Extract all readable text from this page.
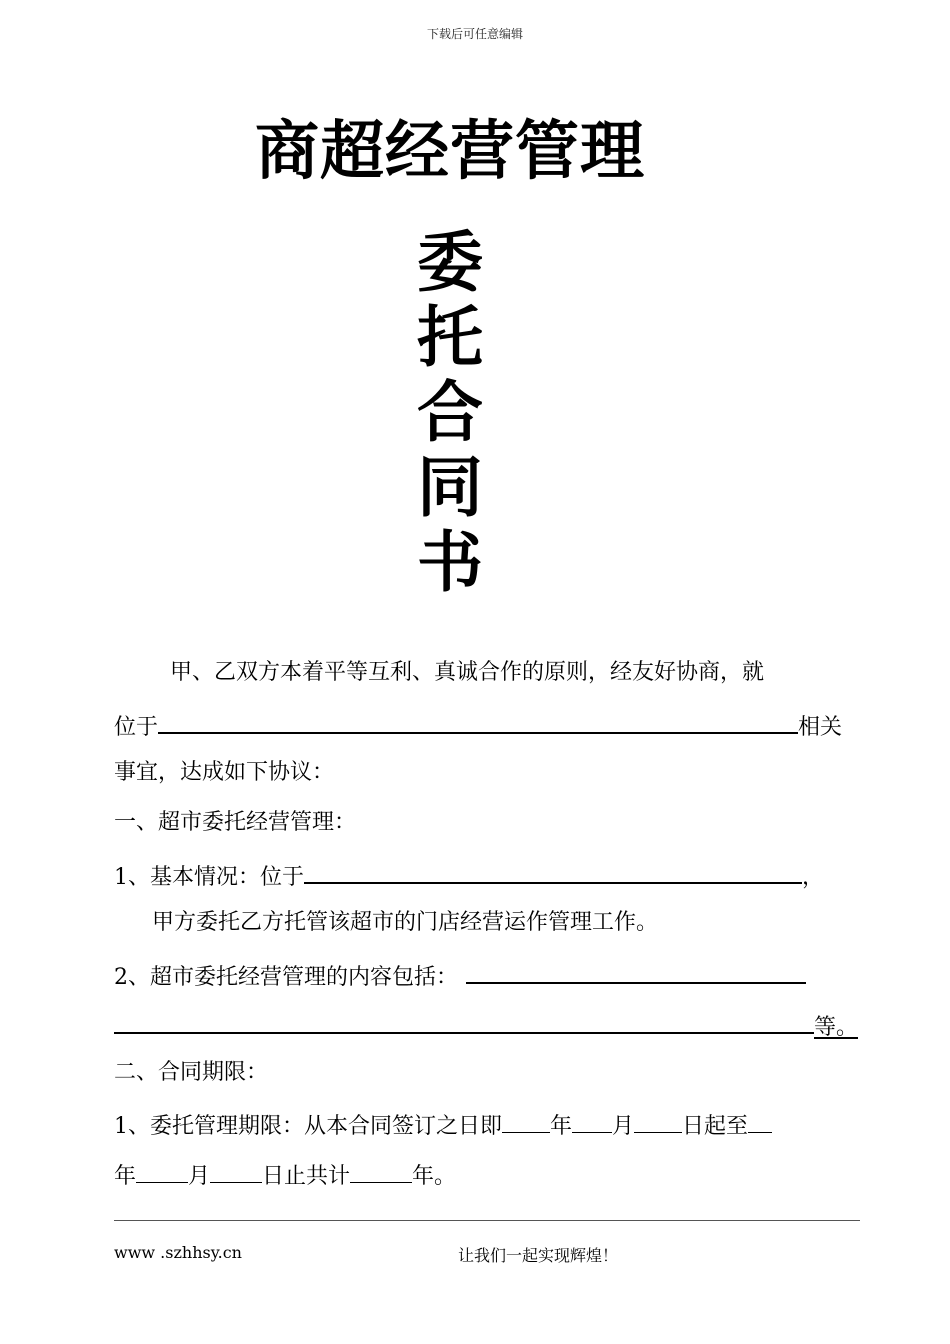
下载后可任意编辑
商超经营管理
委
托
合
同
书
甲、乙双方本着平等互利、真诚合作的原则，经友好协商，就
位于	相关
事宜，达成如下协议：
一、超市委托经营管理：
1、基本情况：位于	，
甲方委托乙方托管该超市的门店经营运作管理工作。
2、超市委托经营管理的内容包括：
等。
二、合同期限：
1、委托管理期限：从本合同签订之日即 年 月 日起至
年 月 日止共计	年。
www .szhhsy.cn	让我们一起实现辉煌！
